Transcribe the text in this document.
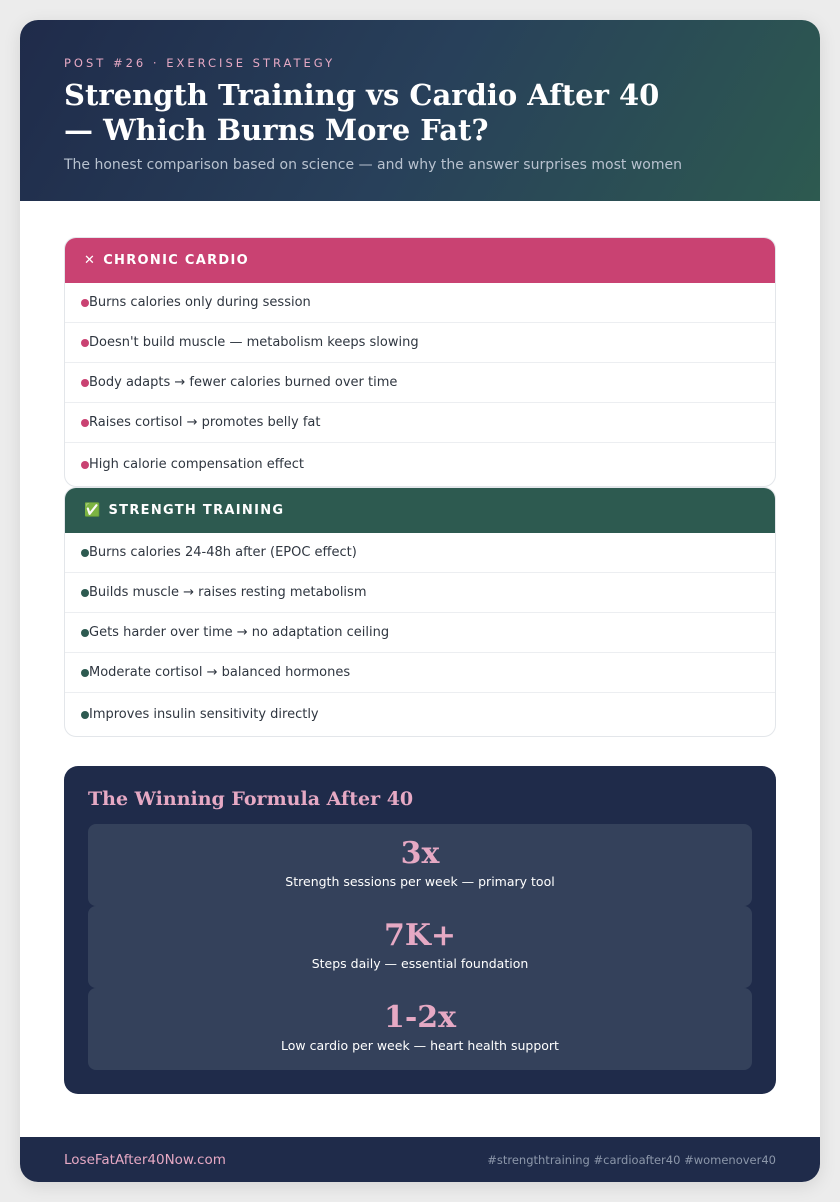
POST #26 · EXERCISE STRATEGY
Strength Training vs Cardio After 40 — Which Burns More Fat?

The honest comparison based on science — and why the answer surprises most women

✕ CHRONIC CARDIO
Burns calories only during session
Doesn't build muscle — metabolism keeps slowing
Body adapts → fewer calories burned over time
Raises cortisol → promotes belly fat
High calorie compensation effect
✅ STRENGTH TRAINING
Burns calories 24-48h after (EPOC effect)
Builds muscle → raises resting metabolism
Gets harder over time → no adaptation ceiling
Moderate cortisol → balanced hormones
Improves insulin sensitivity directly
The Winning Formula After 40
3x
Strength sessions per week — primary tool
7K+
Steps daily — essential foundation
1-2x
Low cardio per week — heart health support
LoseFatAfter40Now.com	#strengthtraining #cardioafter40 #womenover40
